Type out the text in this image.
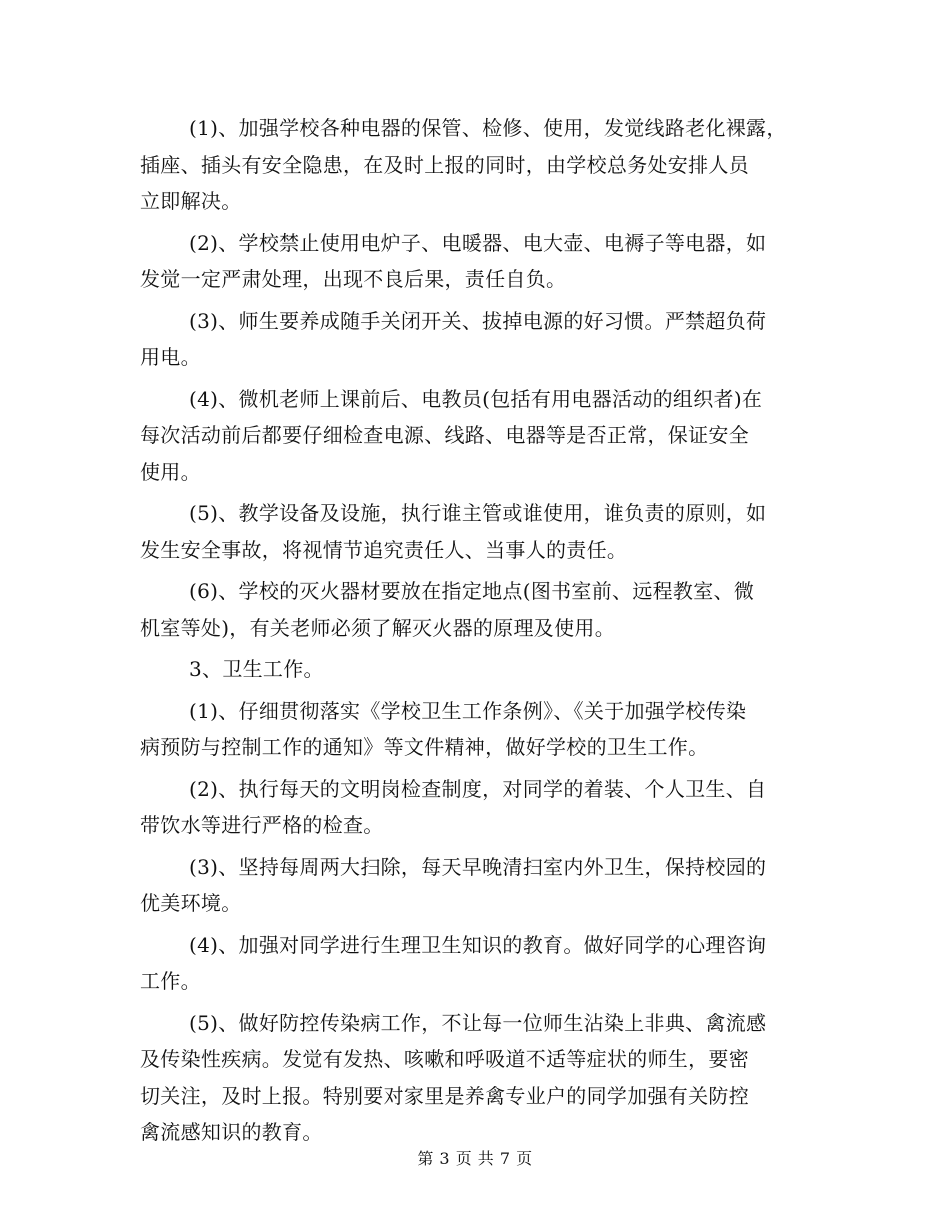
(1)、加强学校各种电器的保管、检修、使用，发觉线路老化裸露，
插座、插头有安全隐患，在及时上报的同时，由学校总务处安排人员
立即解决。

(2)、学校禁止使用电炉子、电暖器、电大壶、电褥子等电器，如
发觉一定严肃处理，出现不良后果，责任自负。

(3)、师生要养成随手关闭开关、拔掉电源的好习惯。严禁超负荷
用电。

(4)、微机老师上课前后、电教员(包括有用电器活动的组织者)在
每次活动前后都要仔细检查电源、线路、电器等是否正常，保证安全
使用。

(5)、教学设备及设施，执行谁主管或谁使用，谁负责的原则，如
发生安全事故，将视情节追究责任人、当事人的责任。

(6)、学校的灭火器材要放在指定地点(图书室前、远程教室、微
机室等处)，有关老师必须了解灭火器的原理及使用。

3、卫生工作。

(1)、仔细贯彻落实《学校卫生工作条例》、《关于加强学校传染
病预防与控制工作的通知》等文件精神，做好学校的卫生工作。

(2)、执行每天的文明岗检查制度，对同学的着装、个人卫生、自
带饮水等进行严格的检查。

(3)、坚持每周两大扫除，每天早晚清扫室内外卫生，保持校园的
优美环境。

(4)、加强对同学进行生理卫生知识的教育。做好同学的心理咨询
工作。

(5)、做好防控传染病工作，不让每一位师生沾染上非典、禽流感
及传染性疾病。发觉有发热、咳嗽和呼吸道不适等症状的师生，要密
切关注，及时上报。特别要对家里是养禽专业户的同学加强有关防控
禽流感知识的教育。

第 3 页 共 7 页
